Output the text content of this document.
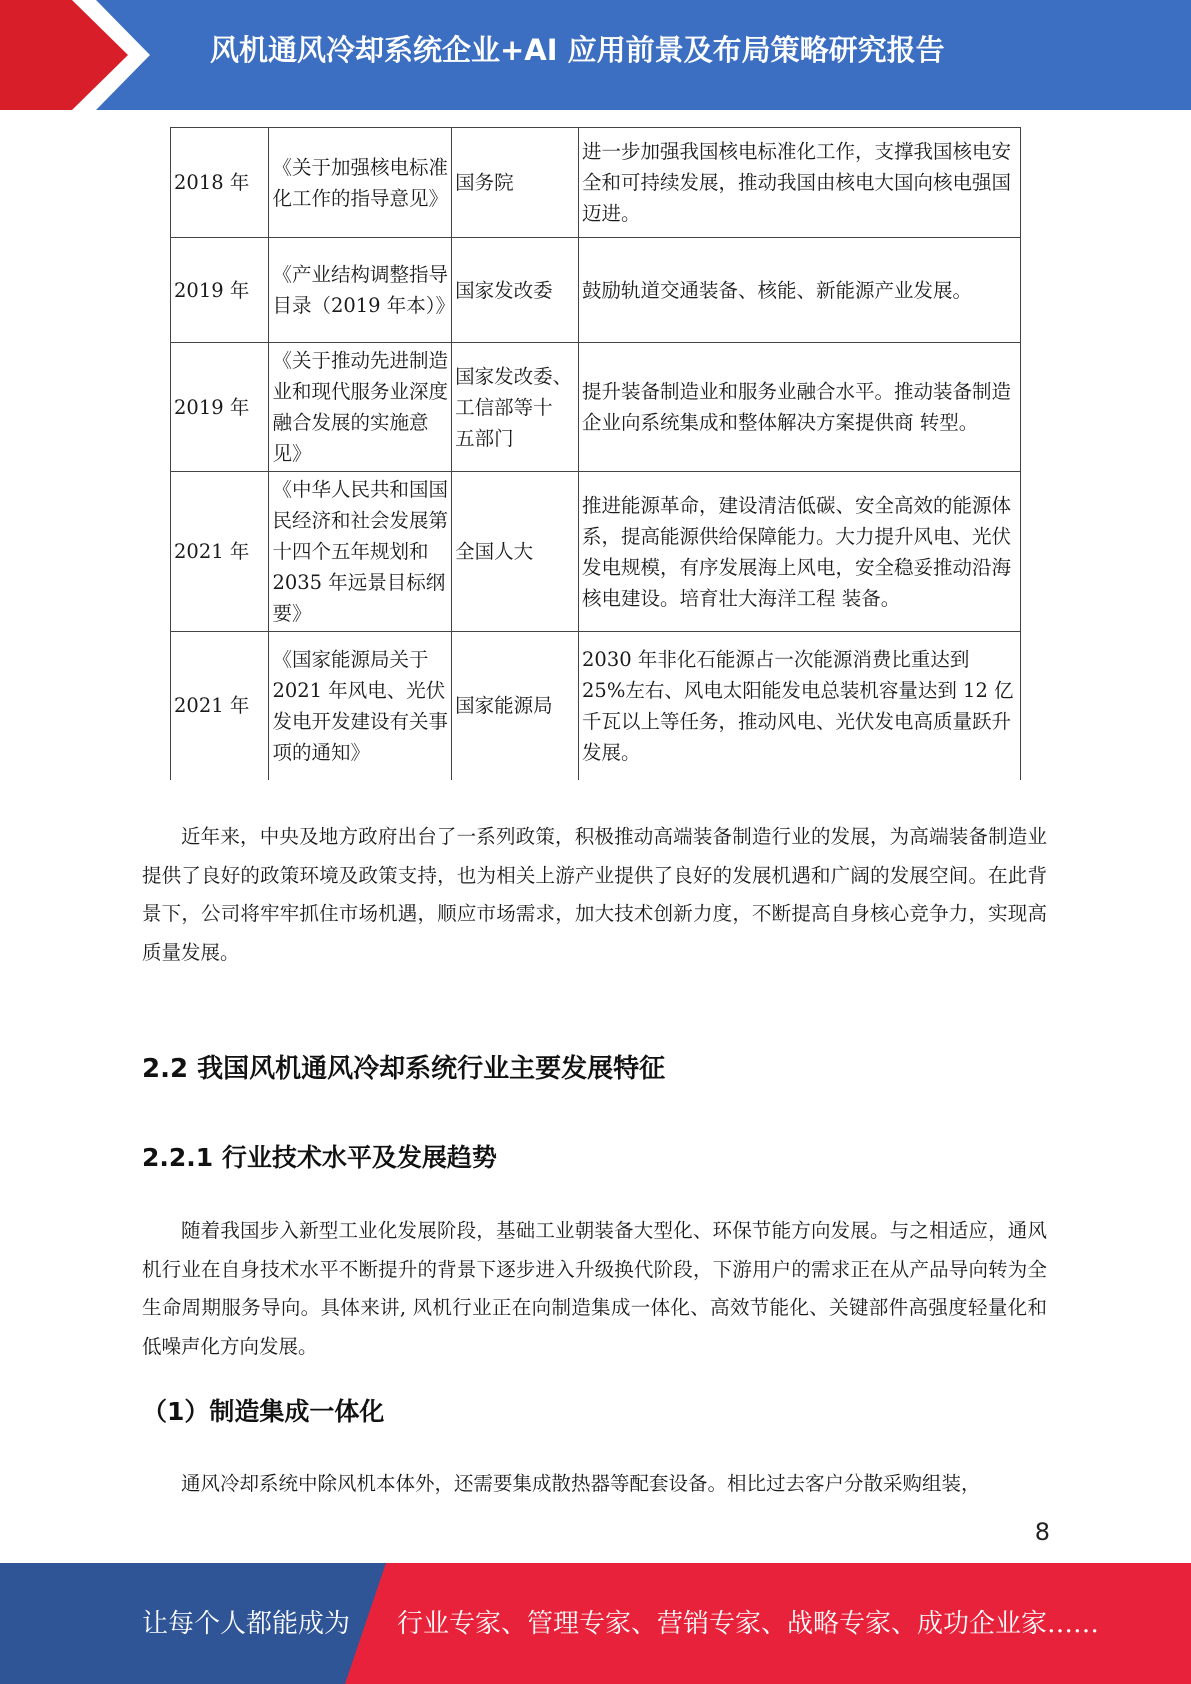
风机通风冷却系统企业+AI 应用前景及布局策略研究报告
2018 年	《关于加强核电标准化工作的指导意见》	国务院	进一步加强我国核电标准化工作，支撑我国核电安全和可持续发展，推动我国由核电大国向核电强国迈进。
2019 年	《产业结构调整指导目录（2019 年本）》	国家发改委	鼓励轨道交通装备、核能、新能源产业发展。
2019 年	《关于推动先进制造业和现代服务业深度融合发展的实施意见》	国家发改委、 工信部等十 五部门	提升装备制造业和服务业融合水平。推动装备制造企业向系统集成和整体解决方案提供商 转型。
2021 年	《中华人民共和国国民经济和社会发展第十四个五年规划和 2035 年远景目标纲要》	全国人大	推进能源革命，建设清洁低碳、安全高效的能源体系，提高能源供给保障能力。大力提升风电、光伏发电规模，有序发展海上风电，安全稳妥推动沿海核电建设。培育壮大海洋工程 装备。
2021 年	《国家能源局关于 2021 年风电、光伏发电开发建设有关事项的通知》	国家能源局	2030 年非化石能源占一次能源消费比重达到 25%左右、风电太阳能发电总装机容量达到 12 亿千瓦以上等任务，推动风电、光伏发电高质量跃升发展。

近年来，中央及地方政府出台了一系列政策，积极推动高端装备制造行业的发展，为高端装备制造业提供了良好的政策环境及政策支持，也为相关上游产业提供了良好的发展机遇和广阔的发展空间。在此背景下，公司将牢牢抓住市场机遇，顺应市场需求，加大技术创新力度，不断提高自身核心竞争力，实现高质量发展。

2.2 我国风机通风冷却系统行业主要发展特征
2.2.1 行业技术水平及发展趋势

随着我国步入新型工业化发展阶段，基础工业朝装备大型化、环保节能方向发展。与之相适应，通风机行业在自身技术水平不断提升的背景下逐步进入升级换代阶段，下游用户的需求正在从产品导向转为全生命周期服务导向。具体来讲, 风机行业正在向制造集成一体化、高效节能化、关键部件高强度轻量化和低噪声化方向发展。

（1）制造集成一体化

通风冷却系统中除风机本体外，还需要集成散热器等配套设备。相比过去客户分散采购组装，

8
让每个人都能成为 行业专家、管理专家、营销专家、战略专家、成功企业家……
